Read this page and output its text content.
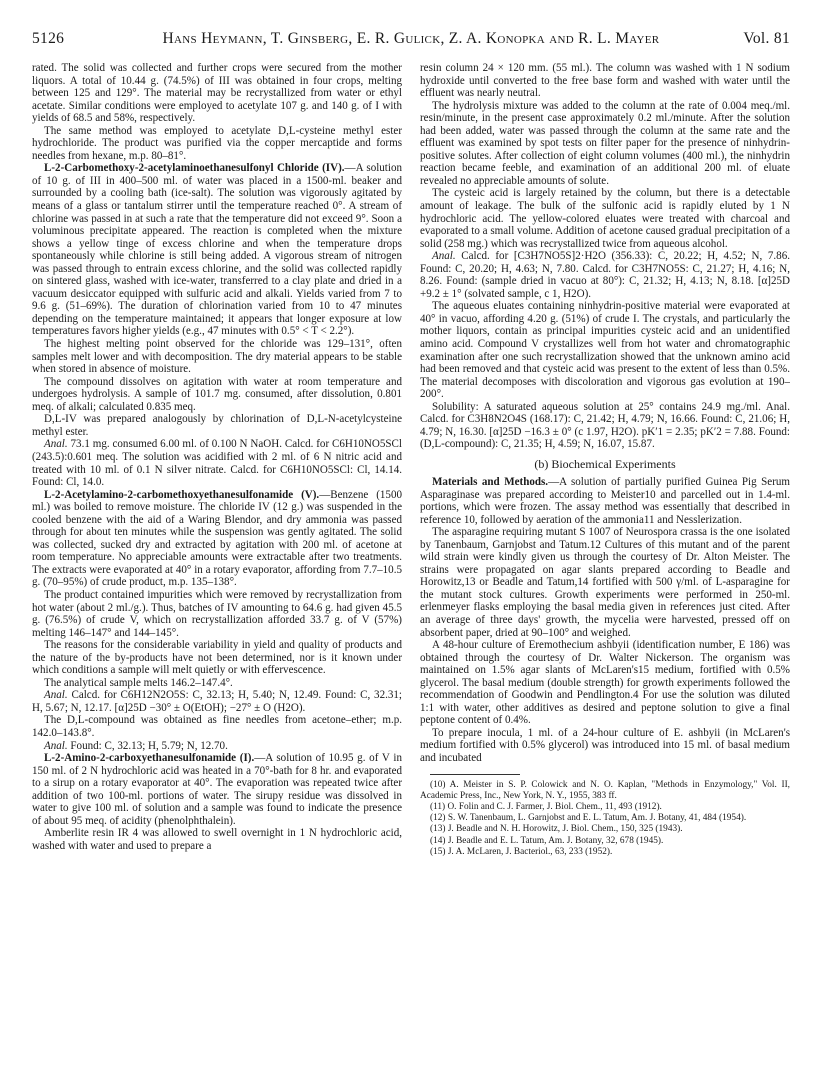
5126	Hans Heymann, T. Ginsberg, E. R. Gulick, Z. A. Konopka and R. L. Mayer	Vol. 81

rated. The solid was collected and further crops were secured from the mother liquors. A total of 10.44 g. (74.5%) of III was obtained in four crops, melting between 125 and 129°. The material may be recrystallized from water or ethyl acetate. Similar conditions were employed to acetylate 107 g. and 140 g. of I with yields of 68.5 and 58%, respectively.

The same method was employed to acetylate D,L-cysteine methyl ester hydrochloride. The product was purified via the copper mercaptide and forms needles from hexane, m.p. 80–81°.

L-2-Carbomethoxy-2-acetylaminoethanesulfonyl Chloride (IV).—A solution of 10 g. of III in 400–500 ml. of water was placed in a 1500-ml. beaker and surrounded by a cooling bath (ice-salt). The solution was vigorously agitated by means of a glass or tantalum stirrer until the temperature reached 0°. A stream of chlorine was passed in at such a rate that the temperature did not exceed 9°. Soon a voluminous precipitate appeared. The reaction is completed when the mixture shows a yellow tinge of excess chlorine and when the temperature drops spontaneously while chlorine is still being added. A vigorous stream of nitrogen was passed through to entrain excess chlorine, and the solid was collected rapidly on sintered glass, washed with ice-water, transferred to a clay plate and dried in a vacuum desiccator equipped with sulfuric acid and alkali. Yields varied from 7 to 9.6 g. (51–69%). The duration of chlorination varied from 10 to 47 minutes depending on the temperature maintained; it appears that longer exposure at low temperatures favors higher yields (e.g., 47 minutes with 0.5° < T < 2.2°).

The highest melting point observed for the chloride was 129–131°, often samples melt lower and with decomposition. The dry material appears to be stable when stored in absence of moisture.

The compound dissolves on agitation with water at room temperature and undergoes hydrolysis. A sample of 101.7 mg. consumed, after dissolution, 0.801 meq. of alkali; calculated 0.835 meq.

D,L-IV was prepared analogously by chlorination of D,L-N-acetylcysteine methyl ester.

Anal. 73.1 mg. consumed 6.00 ml. of 0.100 N NaOH. Calcd. for C6H10NO5SCl (243.5):0.601 meq. The solution was acidified with 2 ml. of 6 N nitric acid and treated with 10 ml. of 0.1 N silver nitrate. Calcd. for C6H10NO5SCl: Cl, 14.14. Found: Cl, 14.0.

L-2-Acetylamino-2-carbomethoxyethanesulfonamide (V).—Benzene (1500 ml.) was boiled to remove moisture. The chloride IV (12 g.) was suspended in the cooled benzene with the aid of a Waring Blendor, and dry ammonia was passed through for about ten minutes while the suspension was gently agitated. The solid was collected, sucked dry and extracted by agitation with 200 ml. of acetone at room temperature. No appreciable amounts were extractable after two treatments. The extracts were evaporated at 40° in a rotary evaporator, affording from 7.7–10.5 g. (70–95%) of crude product, m.p. 135–138°.

The product contained impurities which were removed by recrystallization from hot water (about 2 ml./g.). Thus, batches of IV amounting to 64.6 g. had given 45.5 g. (76.5%) of crude V, which on recrystallization afforded 33.7 g. of V (57%) melting 146–147° and 144–145°.

The reasons for the considerable variability in yield and quality of products and the nature of the by-products have not been determined, nor is it known under which conditions a sample will melt quietly or with effervescence.

The analytical sample melts 146.2–147.4°.

Anal. Calcd. for C6H12N2O5S: C, 32.13; H, 5.40; N, 12.49. Found: C, 32.31; H, 5.67; N, 12.17. [α]25D −30° ± O(EtOH); −27° ± O (H2O).

The D,L-compound was obtained as fine needles from acetone–ether; m.p. 142.0–143.8°.

Anal. Found: C, 32.13; H, 5.79; N, 12.70.

L-2-Amino-2-carboxyethanesulfonamide (I).—A solution of 10.95 g. of V in 150 ml. of 2 N hydrochloric acid was heated in a 70°-bath for 8 hr. and evaporated to a sirup on a rotary evaporator at 40°. The evaporation was repeated twice after addition of two 100-ml. portions of water. The sirupy residue was dissolved in water to give 100 ml. of solution and a sample was found to indicate the presence of about 95 meq. of acidity (phenolphthalein).

Amberlite resin IR 4 was allowed to swell overnight in 1 N hydrochloric acid, washed with water and used to prepare a

resin column 24 × 120 mm. (55 ml.). The column was washed with 1 N sodium hydroxide until converted to the free base form and washed with water until the effluent was nearly neutral.

The hydrolysis mixture was added to the column at the rate of 0.004 meq./ml. resin/minute, in the present case approximately 0.2 ml./minute. After the solution had been added, water was passed through the column at the same rate and the effluent was examined by spot tests on filter paper for the presence of ninhydrin-positive solutes. After collection of eight column volumes (400 ml.), the ninhydrin reaction became feeble, and examination of an additional 200 ml. of eluate revealed no appreciable amounts of solute.

The cysteic acid is largely retained by the column, but there is a detectable amount of leakage. The bulk of the sulfonic acid is rapidly eluted by 1 N hydrochloric acid. The yellow-colored eluates were treated with charcoal and evaporated to a small volume. Addition of acetone caused gradual precipitation of a solid (258 mg.) which was recrystallized twice from aqueous alcohol.

Anal. Calcd. for [C3H7NO5S]2·H2O (356.33): C, 20.22; H, 4.52; N, 7.86. Found: C, 20.20; H, 4.63; N, 7.80. Calcd. for C3H7NO5S: C, 21.27; H, 4.16; N, 8.26. Found: (sample dried in vacuo at 80°): C, 21.32; H, 4.13; N, 8.18. [α]25D +9.2 ± 1° (solvated sample, c 1, H2O).

The aqueous eluates containing ninhydrin-positive material were evaporated at 40° in vacuo, affording 4.20 g. (51%) of crude I. The crystals, and particularly the mother liquors, contain as principal impurities cysteic acid and an unidentified amino acid. Compound V crystallizes well from hot water and chromatographic examination after one such recrystallization showed that the unknown amino acid had been removed and that cysteic acid was present to the extent of less than 0.5%. The material decomposes with discoloration and vigorous gas evolution at 190–200°.

Solubility: A saturated aqueous solution at 25° contains 24.9 mg./ml. Anal. Calcd. for C3H8N2O4S (168.17): C, 21.42; H, 4.79; N, 16.66. Found: C, 21.06; H, 4.79; N, 16.30. [α]25D −16.3 ± 0° (c 1.97, H2O). pK′1 = 2.35; pK′2 = 7.88. Found: (D,L-compound): C, 21.35; H, 4.59; N, 16.07, 15.87.

(b) Biochemical Experiments

Materials and Methods.—A solution of partially purified Guinea Pig Serum Asparaginase was prepared according to Meister10 and parcelled out in 1.4-ml. portions, which were frozen. The assay method was essentially that described in reference 10, followed by aeration of the ammonia11 and Nesslerization.

The asparagine requiring mutant S 1007 of Neurospora crassa is the one isolated by Tanenbaum, Garnjobst and Tatum.12 Cultures of this mutant and of the parent wild strain were kindly given us through the courtesy of Dr. Alton Meister. The strains were propagated on agar slants prepared according to Beadle and Horowitz,13 or Beadle and Tatum,14 fortified with 500 γ/ml. of L-asparagine for the mutant stock cultures. Growth experiments were performed in 250-ml. erlenmeyer flasks employing the basal media given in references just cited. After an average of three days' growth, the mycelia were harvested, pressed off on absorbent paper, dried at 90–100° and weighed.

A 48-hour culture of Eremothecium ashbyii (identification number, E 186) was obtained through the courtesy of Dr. Walter Nickerson. The organism was maintained on 1.5% agar slants of McLaren's15 medium, fortified with 0.5% glycerol. The basal medium (double strength) for growth experiments followed the recommendation of Goodwin and Pendlington.4 For use the solution was diluted 1:1 with water, other additives as desired and peptone solution to give a final peptone content of 0.4%.

To prepare inocula, 1 ml. of a 24-hour culture of E. ashbyii (in McLaren's medium fortified with 0.5% glycerol) was introduced into 15 ml. of basal medium and incubated

(10) A. Meister in S. P. Colowick and N. O. Kaplan, "Methods in Enzymology," Vol. II, Academic Press, Inc., New York, N. Y., 1955, 383 ff.

(11) O. Folin and C. J. Farmer, J. Biol. Chem., 11, 493 (1912).

(12) S. W. Tanenbaum, L. Garnjobst and E. L. Tatum, Am. J. Botany, 41, 484 (1954).

(13) J. Beadle and N. H. Horowitz, J. Biol. Chem., 150, 325 (1943).

(14) J. Beadle and E. L. Tatum, Am. J. Botany, 32, 678 (1945).

(15) J. A. McLaren, J. Bacteriol., 63, 233 (1952).
